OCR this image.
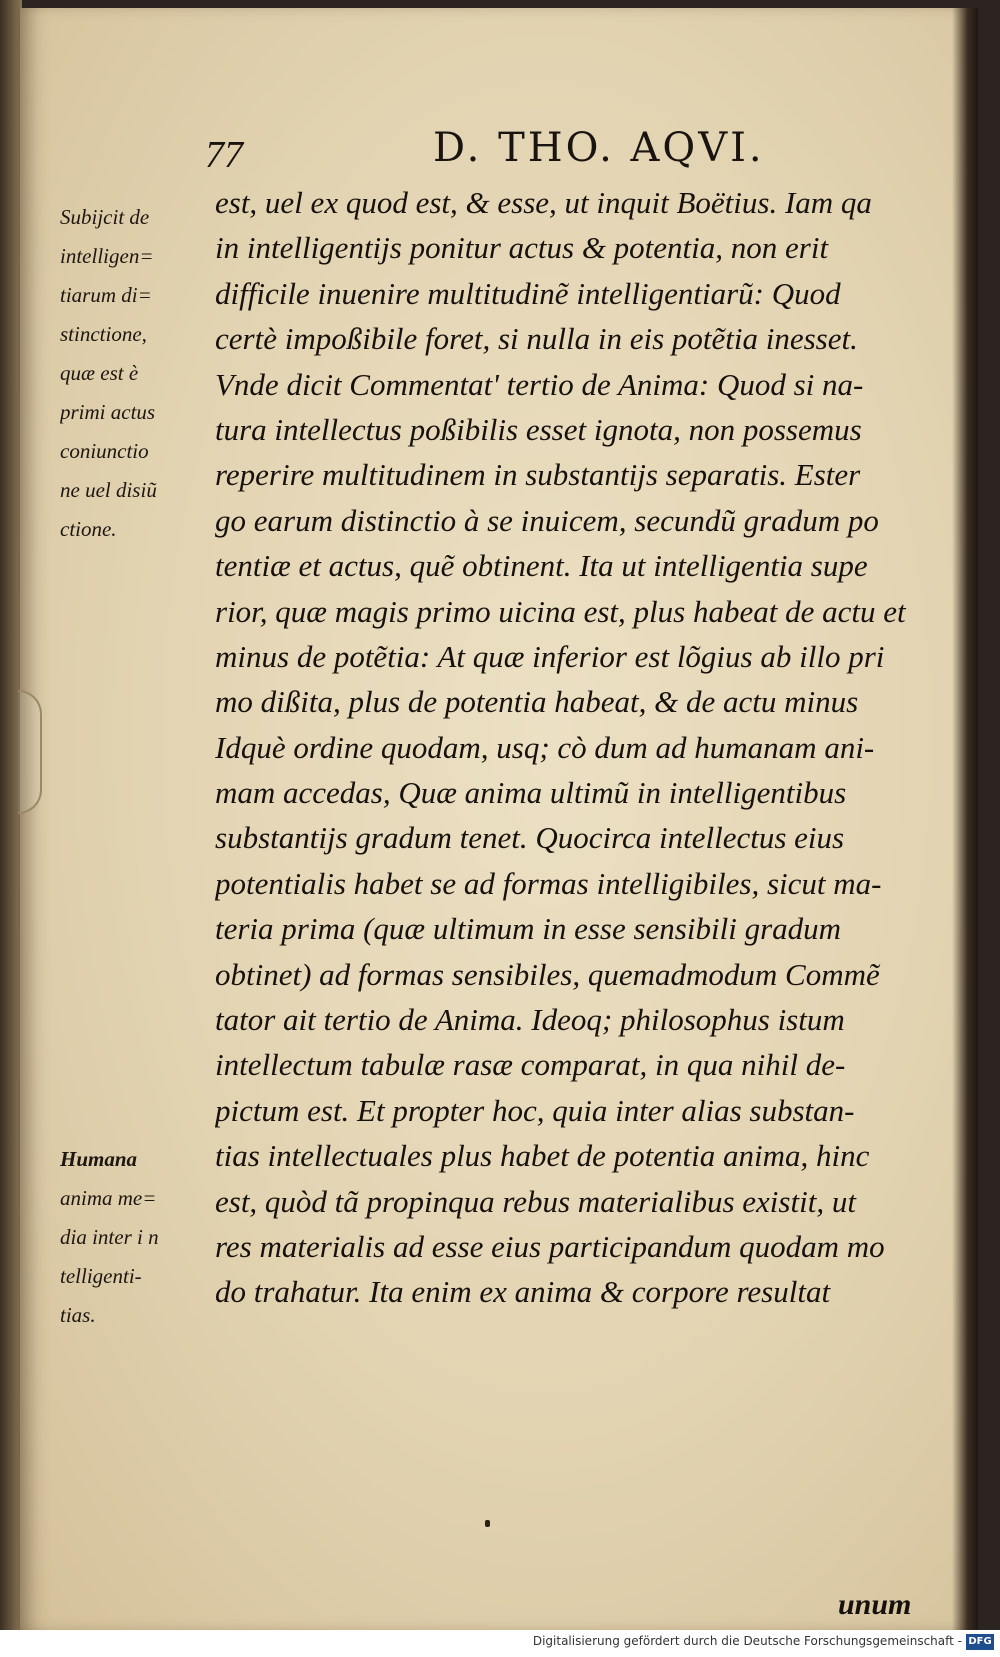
77	D. THO. AQVI.
Subijcit de
intelligen=
tiarum di=
stinctione,
quæ est è
primi actus
coniunctio
ne uel disiũ
ctione.
Humana
anima me=
dia inter i n
telligenti-
tias.
est, uel ex quod est, & esse, ut inquit Boëtius. Iam qa
in intelligentijs ponitur actus & potentia, non erit
difficile inuenire multitudinẽ intelligentiarũ: Quod
certè impoßibile foret, si nulla in eis potẽtia inesset.
Vnde dicit Commentat' tertio de Anima: Quod si na-
tura intellectus poßibilis esset ignota, non possemus
reperire multitudinem in substantijs separatis. Ester
go earum distinctio à se inuicem, secundũ gradum po
tentiæ et actus, quẽ obtinent. Ita ut intelligentia supe
rior, quæ magis primo uicina est, plus habeat de actu et
minus de potẽtia: At quæ inferior est lõgius ab illo pri
mo dißita, plus de potentia habeat, & de actu minus
Idquè ordine quodam, usq; cò dum ad humanam ani-
mam accedas, Quæ anima ultimũ in intelligentibus
substantijs gradum tenet. Quocirca intellectus eius
potentialis habet se ad formas intelligibiles, sicut ma-
teria prima (quæ ultimum in esse sensibili gradum
obtinet) ad formas sensibiles, quemadmodum Commẽ
tator ait tertio de Anima. Ideoq; philosophus istum
intellectum tabulæ rasæ comparat, in qua nihil de-
pictum est. Et propter hoc, quia inter alias substan-
tias intellectuales plus habet de potentia anima, hinc
est, quòd tã propinqua rebus materialibus existit, ut
res materialis ad esse eius participandum quodam mo
do trahatur. Ita enim ex anima & corpore resultat
unum
Digitalisierung gefördert durch die Deutsche Forschungsgemeinschaft - DFG
